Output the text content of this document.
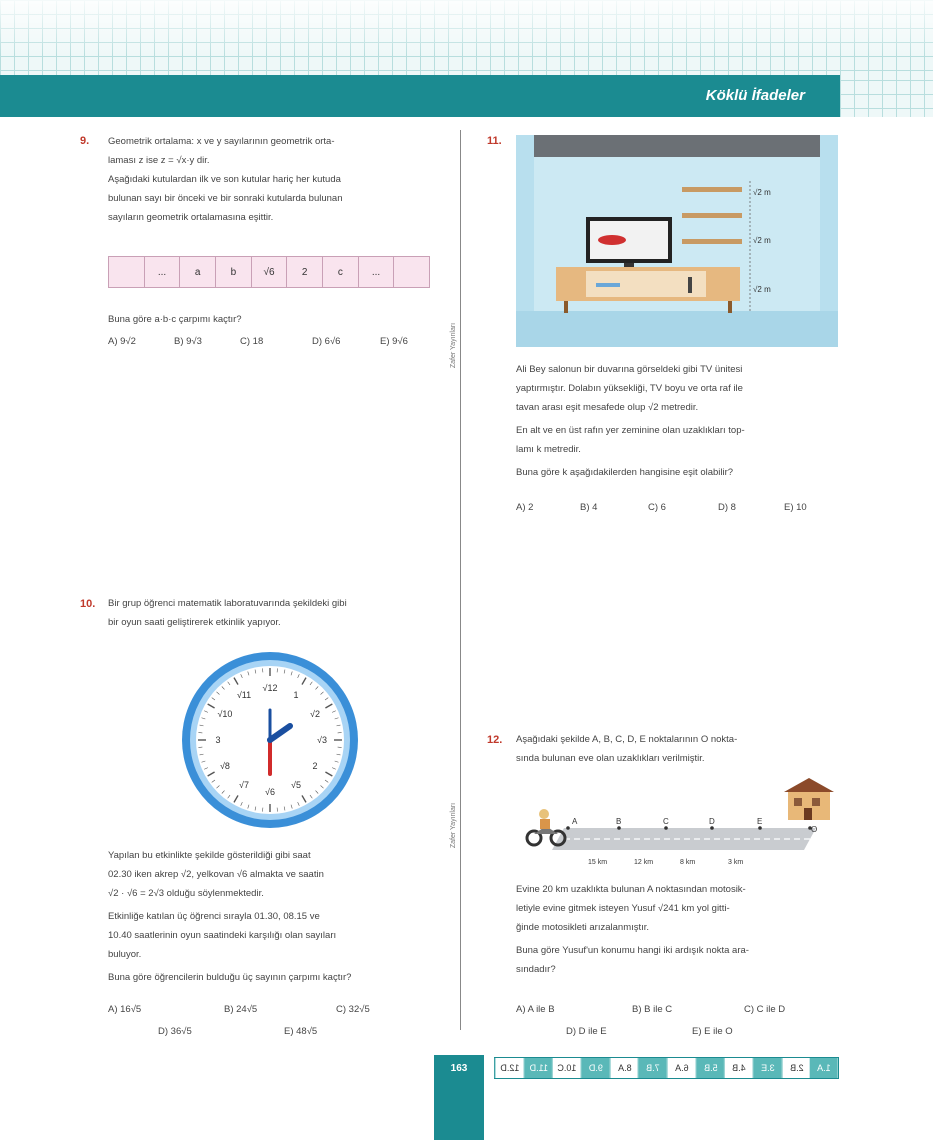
Köklü İfadeler
Zafer Yayınları
Zafer Yayınları
9. Geometrik ortalama: x ve y sayılarının geometrik orta-
laması z ise z = √x·y dir.
Aşağıdaki kutulardan ilk ve son kutular hariç her kutuda
bulunan sayı bir önceki ve bir sonraki kutularda bulunan
sayıların geometrik ortalamasına eşittir.
...	a	b	√6	2	c	...
Buna göre a·b·c çarpımı kaçtır?
A) 9√2	B) 9√3	C) 18	D) 6√6	E) 9√6
10. Bir grup öğrenci matematik laboratuvarında şekildeki gibi
bir oyun saati geliştirerek etkinlik yapıyor.
√12
1
√2
√3
2
√5
√6
√7
√8
3
√10
√11
Yapılan bu etkinlikte şekilde gösterildiği gibi saat
02.30 iken akrep √2, yelkovan √6 almakta ve saatin
√2 · √6 = 2√3 olduğu söylenmektedir.
Etkinliğe katılan üç öğrenci sırayla 01.30, 08.15 ve
10.40 saatlerinin oyun saatindeki karşılığı olan sayıları
buluyor.
Buna göre öğrencilerin bulduğu üç sayının çarpımı kaçtır?
A) 16√5	B) 24√5	C) 32√5
D) 36√5	E) 48√5
11.
√2 m
√2 m
√2 m
Ali Bey salonun bir duvarına görseldeki gibi TV ünitesi
yaptırmıştır. Dolabın yüksekliği, TV boyu ve orta raf ile
tavan arası eşit mesafede olup √2 metredir.
En alt ve en üst rafın yer zeminine olan uzaklıkları top-
lamı k metredir.
Buna göre k aşağıdakilerden hangisine eşit olabilir?
A) 2	B) 4	C) 6	D) 8	E) 10
12. Aşağıdaki şekilde A, B, C, D, E noktalarının O nokta-
sında bulunan eve olan uzaklıkları verilmiştir.
A	B	C	D	E
O
15 km	12 km	8 km	3 km
Evine 20 km uzaklıkta bulunan A noktasından motosik-
letiyle evine gitmek isteyen Yusuf √241 km yol gitti-
ğinde motosikleti arızalanmıştır.
Buna göre Yusuf'un konumu hangi iki ardışık nokta ara-
sındadır?
A) A ile B	B) B ile C	C) C ile D
D) D ile E	E) E ile O
163	12.D	11.D	10.C	9.D	8.A	7.B	6.A	5.B	4.B	3.E	2.B	1.A
